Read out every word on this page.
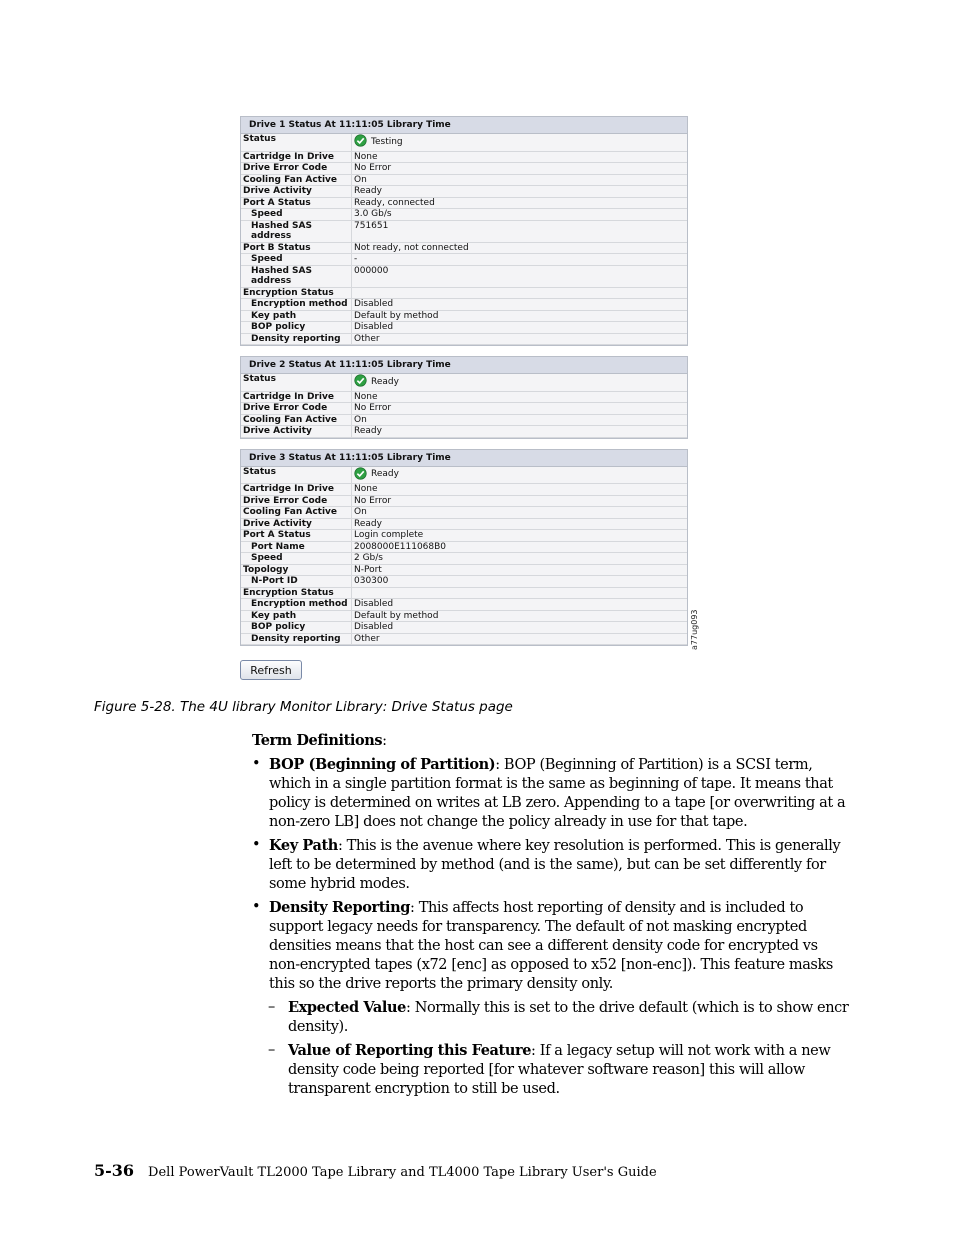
Drive 1 Status At 11:11:05 Library Time
Status	Testing

Cartridge In Drive	None
Drive Error Code	No Error
Cooling Fan Active	On
Drive Activity	Ready
Port A Status	Ready, connected
Speed	3.0 Gb/s
Hashed SAS address	751651
Port B Status	Not ready, not connected
Speed	-
Hashed SAS address	000000
Encryption Status	
Encryption method	Disabled
Key path	Default by method
BOP policy	Disabled
Density reporting	Other
Drive 2 Status At 11:11:05 Library Time
Status	Ready

Cartridge In Drive	None
Drive Error Code	No Error
Cooling Fan Active	On
Drive Activity	Ready
Drive 3 Status At 11:11:05 Library Time
Status	Ready

Cartridge In Drive	None
Drive Error Code	No Error
Cooling Fan Active	On
Drive Activity	Ready
Port A Status	Login complete
Port Name	2008000E111068B0
Speed	2 Gb/s
Topology	N-Port
N-Port ID	030300
Encryption Status	
Encryption method	Disabled
Key path	Default by method
BOP policy	Disabled
Density reporting	Other	a77ug093
Refresh
Figure 5-28. The 4U library Monitor Library: Drive Status page

Term Definitions:

• BOP (Beginning of Partition): BOP (Beginning of Partition) is a SCSI term, which in a single partition format is the same as beginning of tape. It means that policy is determined on writes at LB zero. Appending to a tape [or overwriting at a non-zero LB] does not change the policy already in use for that tape.
• Key Path: This is the avenue where key resolution is performed. This is generally left to be determined by method (and is the same), but can be set differently for some hybrid modes.
• Density Reporting: This affects host reporting of density and is included to support legacy needs for transparency. The default of not masking encrypted densities means that the host can see a different density code for encrypted vs non-encrypted tapes (x72 [enc] as opposed to x52 [non-enc]). This feature masks this so the drive reports the primary density only.
– Expected Value: Normally this is set to the drive default (which is to show encr density).
– Value of Reporting this Feature: If a legacy setup will not work with a new density code being reported [for whatever software reason] this will allow transparent encryption to still be used.
5-36 Dell PowerVault TL2000 Tape Library and TL4000 Tape Library User's Guide
